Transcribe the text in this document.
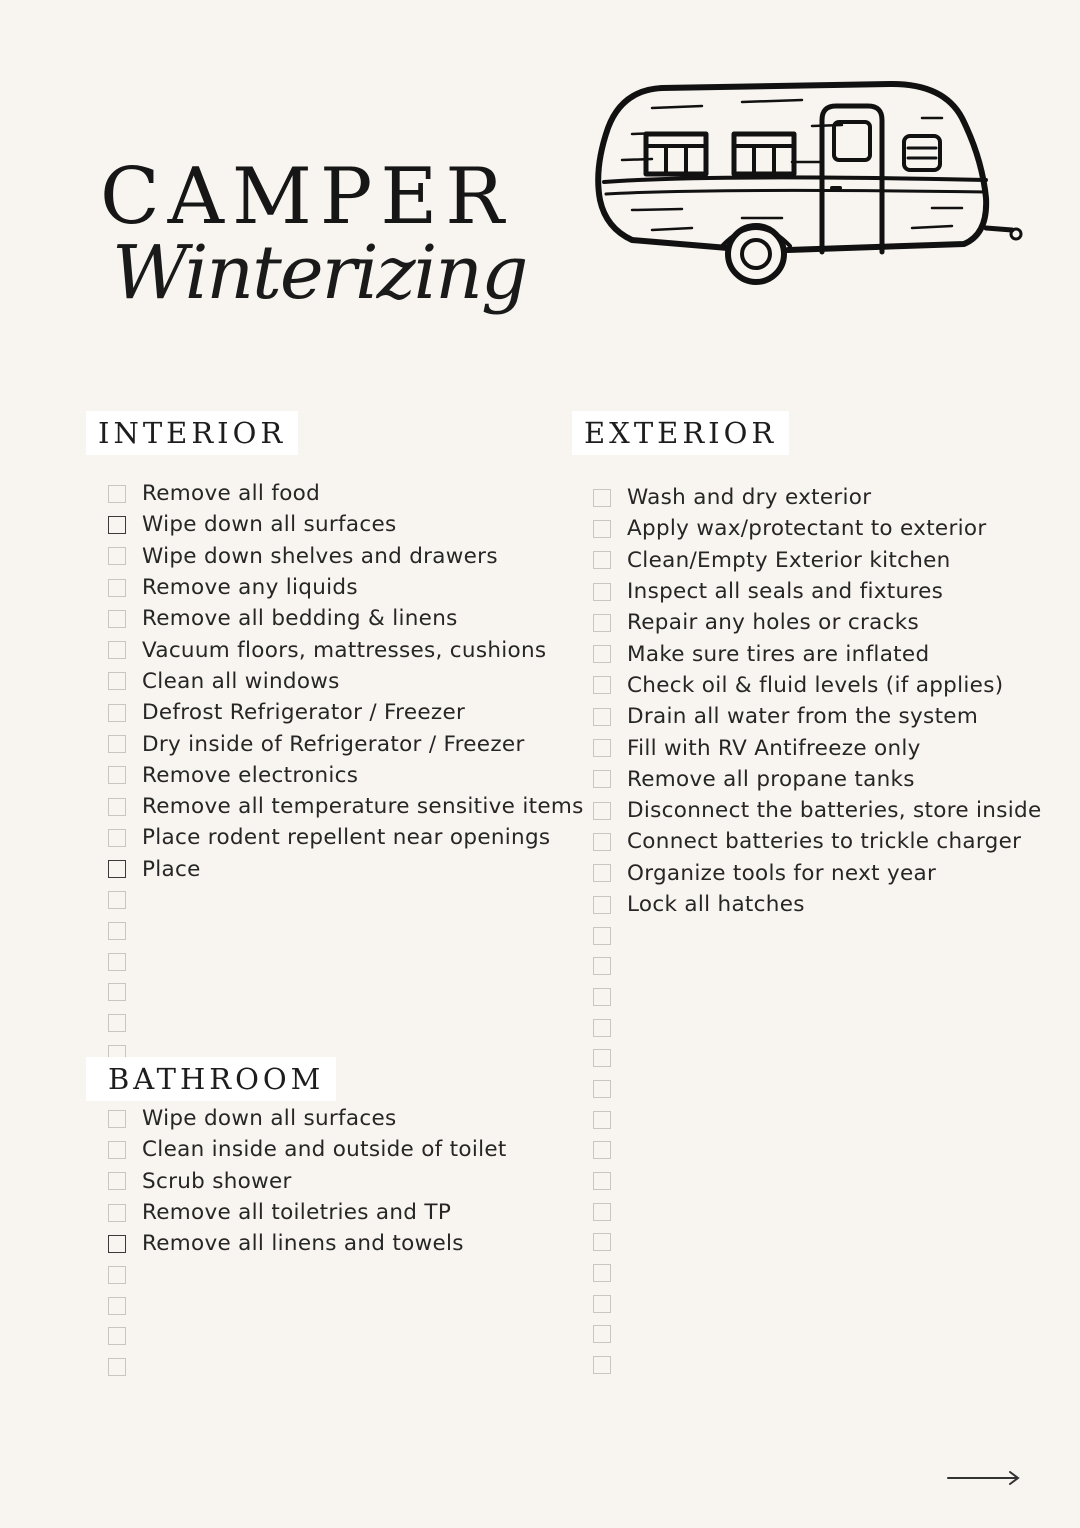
CAMPER
Winterizing
INTERIOR	EXTERIOR
Remove all food
Wipe down all surfaces
Wipe down shelves and drawers
Remove any liquids
Remove all bedding & linens
Vacuum floors, mattresses, cushions
Clean all windows
Defrost Refrigerator / Freezer
Dry inside of Refrigerator / Freezer
Remove electronics
Remove all temperature sensitive items
Place rodent repellent near openings
Place
BATHROOM
Wipe down all surfaces
Clean inside and outside of toilet
Scrub shower
Remove all toiletries and TP
Remove all linens and towels
Wash and dry exterior
Apply wax/protectant to exterior
Clean/Empty Exterior kitchen
Inspect all seals and fixtures
Repair any holes or cracks
Make sure tires are inflated
Check oil & fluid levels (if applies)
Drain all water from the system
Fill with RV Antifreeze only
Remove all propane tanks
Disconnect the batteries, store inside
Connect batteries to trickle charger
Organize tools for next year
Lock all hatches
